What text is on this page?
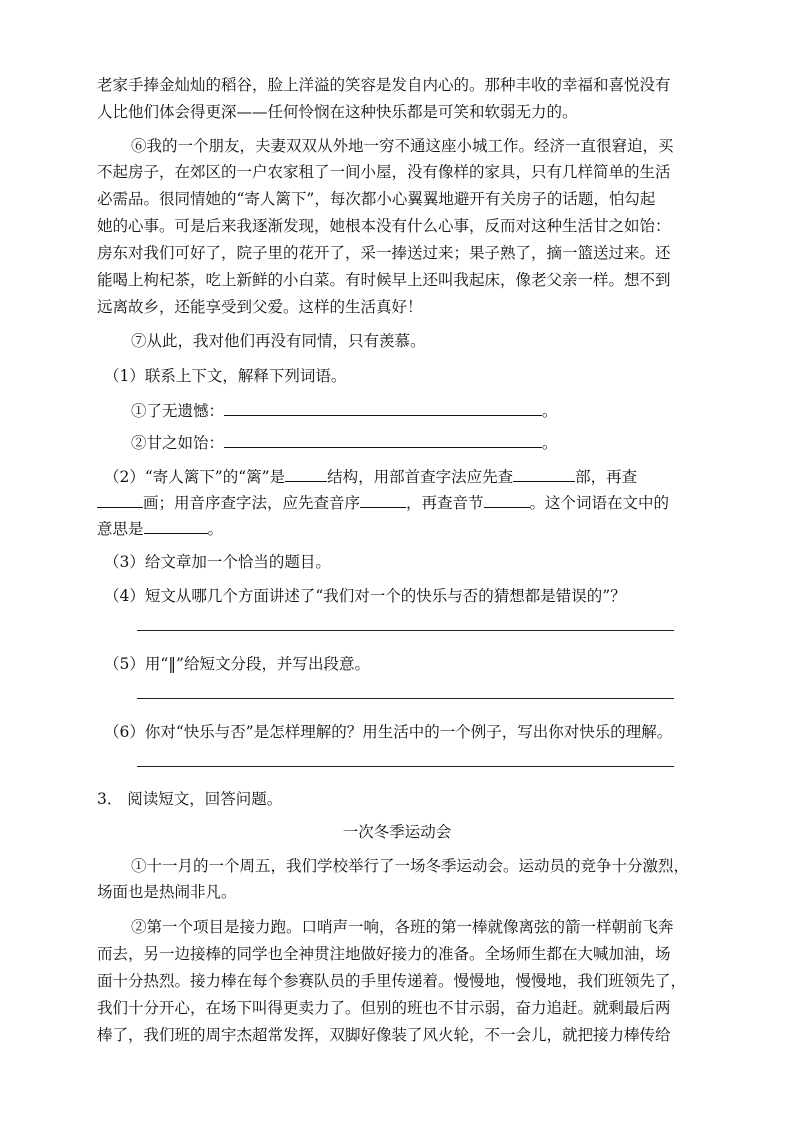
老家手捧金灿灿的稻谷，脸上洋溢的笑容是发自内心的。那种丰收的幸福和喜悦没有
人比他们体会得更深——任何怜悯在这种快乐都是可笑和软弱无力的。
⑥我的一个朋友，夫妻双双从外地一穷不通这座小城工作。经济一直很窘迫，买
不起房子，在郊区的一户农家租了一间小屋，没有像样的家具，只有几样简单的生活
必需品。很同情她的“寄人篱下”，每次都小心翼翼地避开有关房子的话题，怕勾起
她的心事。可是后来我逐渐发现，她根本没有什么心事，反而对这种生活甘之如饴：
房东对我们可好了，院子里的花开了，采一捧送过来；果子熟了，摘一篮送过来。还
能喝上枸杞茶，吃上新鲜的小白菜。有时候早上还叫我起床，像老父亲一样。想不到
远离故乡，还能享受到父爱。这样的生活真好！
⑦从此，我对他们再没有同情，只有羡慕。
（1）联系上下文，解释下列词语。
①了无遗憾：	。
②甘之如饴：	。
（2）“寄人篱下”的“篱”是	结构，用部首查字法应先查	部，再查
画；用音序查字法，应先查音序	，再查音节	。这个词语在文中的
意思是	。
（3）给文章加一个恰当的题目。
（4）短文从哪几个方面讲述了“我们对一个的快乐与否的猜想都是错误的”？
（5）用“‖”给短文分段，并写出段意。
（6）你对“快乐与否”是怎样理解的？用生活中的一个例子，写出你对快乐的理解。
3． 阅读短文，回答问题。
一次冬季运动会
①十一月的一个周五，我们学校举行了一场冬季运动会。运动员的竞争十分激烈，
场面也是热闹非凡。
②第一个项目是接力跑。口哨声一响，各班的第一棒就像离弦的箭一样朝前飞奔
而去，另一边接棒的同学也全神贯注地做好接力的准备。全场师生都在大喊加油，场
面十分热烈。接力棒在每个参赛队员的手里传递着。慢慢地，慢慢地，我们班领先了，
我们十分开心，在场下叫得更卖力了。但别的班也不甘示弱，奋力追赶。就剩最后两
棒了，我们班的周宇杰超常发挥，双脚好像装了风火轮，不一会儿，就把接力棒传给
